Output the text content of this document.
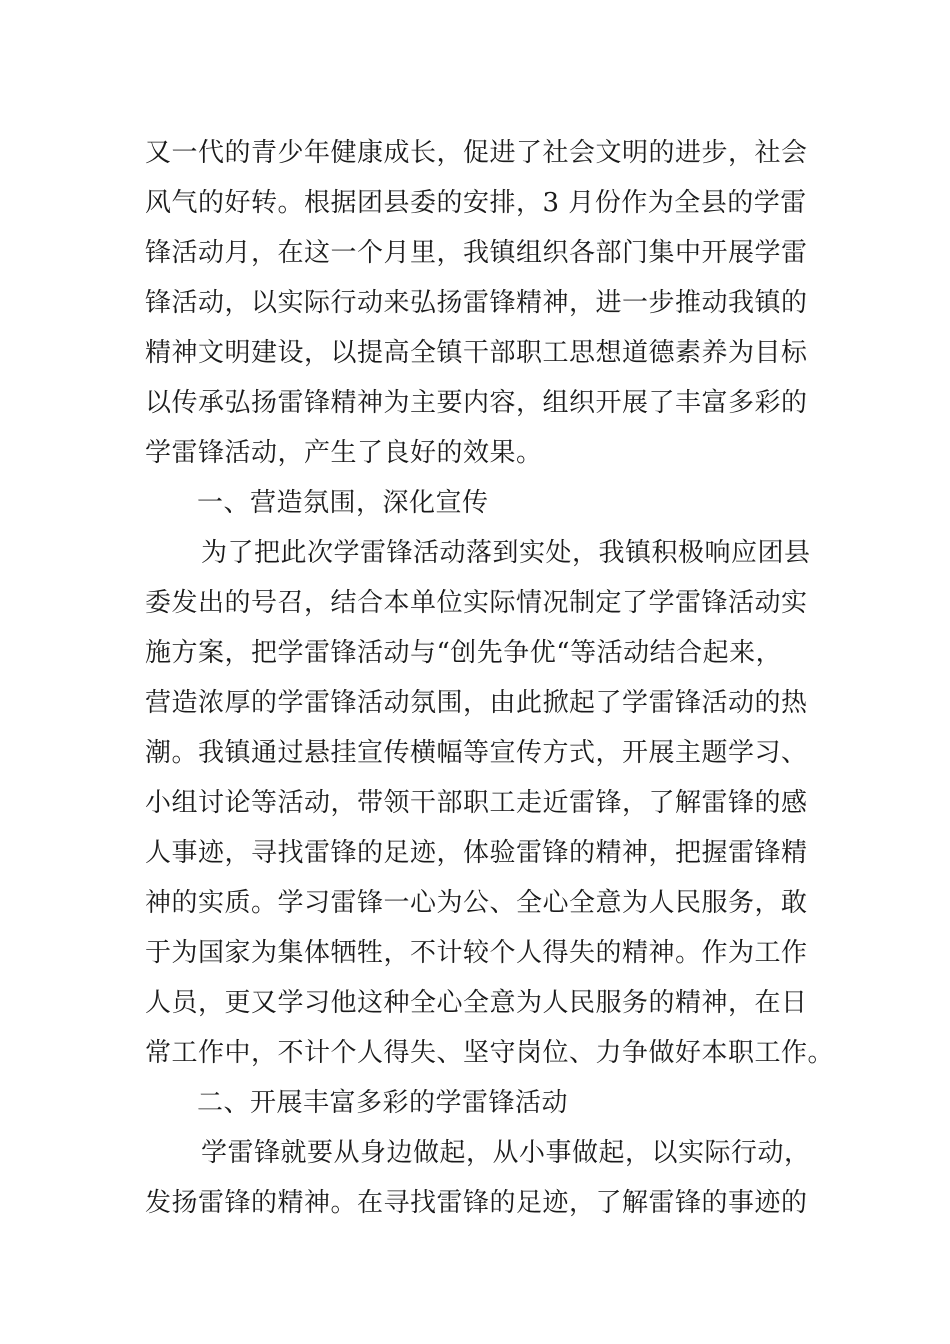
又一代的青少年健康成长，促进了社会文明的进步，社会
风气的好转。根据团县委的安排，3 月份作为全县的学雷
锋活动月，在这一个月里，我镇组织各部门集中开展学雷
锋活动，以实际行动来弘扬雷锋精神，进一步推动我镇的
精神文明建设，以提高全镇干部职工思想道德素养为目标
以传承弘扬雷锋精神为主要内容，组织开展了丰富多彩的
学雷锋活动，产生了良好的效果。
一、营造氛围，深化宣传
为了把此次学雷锋活动落到实处，我镇积极响应团县
委发出的号召，结合本单位实际情况制定了学雷锋活动实
施方案，把学雷锋活动与“创先争优“等活动结合起来，
营造浓厚的学雷锋活动氛围，由此掀起了学雷锋活动的热
潮。我镇通过悬挂宣传横幅等宣传方式，开展主题学习、
小组讨论等活动，带领干部职工走近雷锋，了解雷锋的感
人事迹，寻找雷锋的足迹，体验雷锋的精神，把握雷锋精
神的实质。学习雷锋一心为公、全心全意为人民服务，敢
于为国家为集体牺牲，不计较个人得失的精神。作为工作
人员，更又学习他这种全心全意为人民服务的精神，在日
常工作中，不计个人得失、坚守岗位、力争做好本职工作。
二、开展丰富多彩的学雷锋活动
学雷锋就要从身边做起，从小事做起，以实际行动，
发扬雷锋的精神。在寻找雷锋的足迹，了解雷锋的事迹的
